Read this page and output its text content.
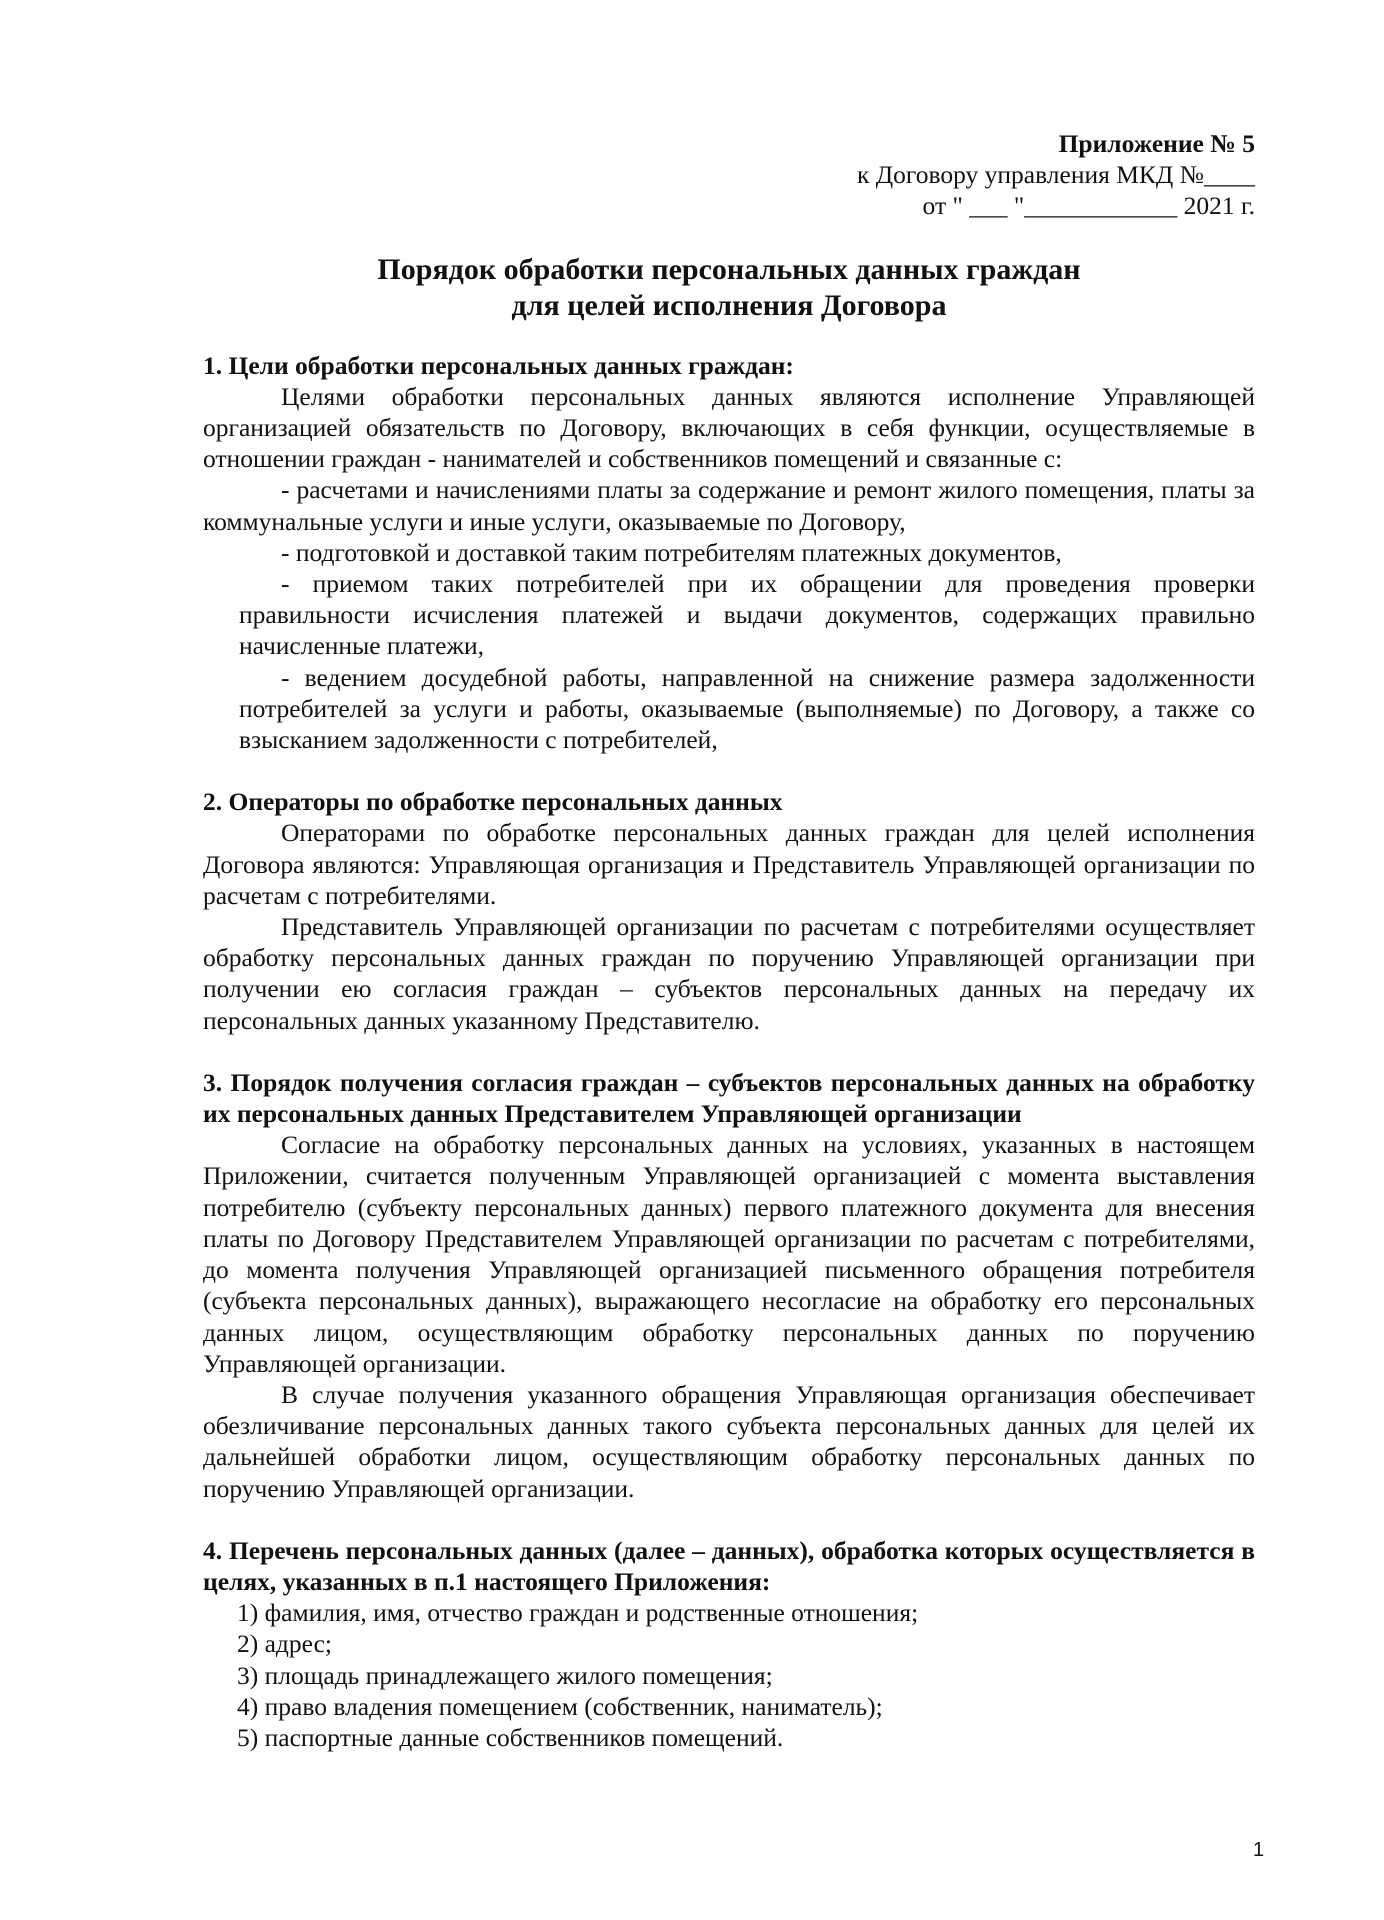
Приложение № 5
к Договору управления МКД №____
от " ___ "____________ 2021 г.
Порядок обработки персональных данных граждан
для целей исполнения Договора
1. Цели обработки персональных данных граждан:
Целями обработки персональных данных являются исполнение Управляющей организацией обязательств по Договору, включающих в себя функции, осуществляемые в отношении граждан - нанимателей и собственников помещений и связанные с:
- расчетами и начислениями платы за содержание и ремонт жилого помещения, платы за коммунальные услуги и иные услуги, оказываемые по Договору,
- подготовкой и доставкой таким потребителям платежных документов,
- приемом таких потребителей при их обращении для проведения проверки правильности исчисления платежей и выдачи документов, содержащих правильно начисленные платежи,
- ведением досудебной работы, направленной на снижение размера задолженности потребителей за услуги и работы, оказываемые (выполняемые) по Договору, а также со взысканием задолженности с потребителей,
2. Операторы по обработке персональных данных
Операторами по обработке персональных данных граждан для целей исполнения Договора являются: Управляющая организация и Представитель Управляющей организации по расчетам с потребителями.
Представитель Управляющей организации по расчетам с потребителями осуществляет обработку персональных данных граждан по поручению Управляющей организации при получении ею согласия граждан – субъектов персональных данных на передачу их персональных данных указанному Представителю.
3. Порядок получения согласия граждан – субъектов персональных данных на обработку их персональных данных Представителем Управляющей организации
Согласие на обработку персональных данных на условиях, указанных в настоящем Приложении, считается полученным Управляющей организацией с момента выставления потребителю (субъекту персональных данных) первого платежного документа для внесения платы по Договору Представителем Управляющей организации по расчетам с потребителями, до момента получения Управляющей организацией письменного обращения потребителя (субъекта персональных данных), выражающего несогласие на обработку его персональных данных лицом, осуществляющим обработку персональных данных по поручению Управляющей организации.
В случае получения указанного обращения Управляющая организация обеспечивает обезличивание персональных данных такого субъекта персональных данных для целей их дальнейшей обработки лицом, осуществляющим обработку персональных данных по поручению Управляющей организации.
4. Перечень персональных данных (далее – данных), обработка которых осуществляется в целях, указанных в п.1 настоящего Приложения:
1) фамилия, имя, отчество граждан и родственные отношения;
2) адрес;
3) площадь принадлежащего жилого помещения;
4) право владения помещением (собственник, наниматель);
5) паспортные данные собственников помещений.
1
